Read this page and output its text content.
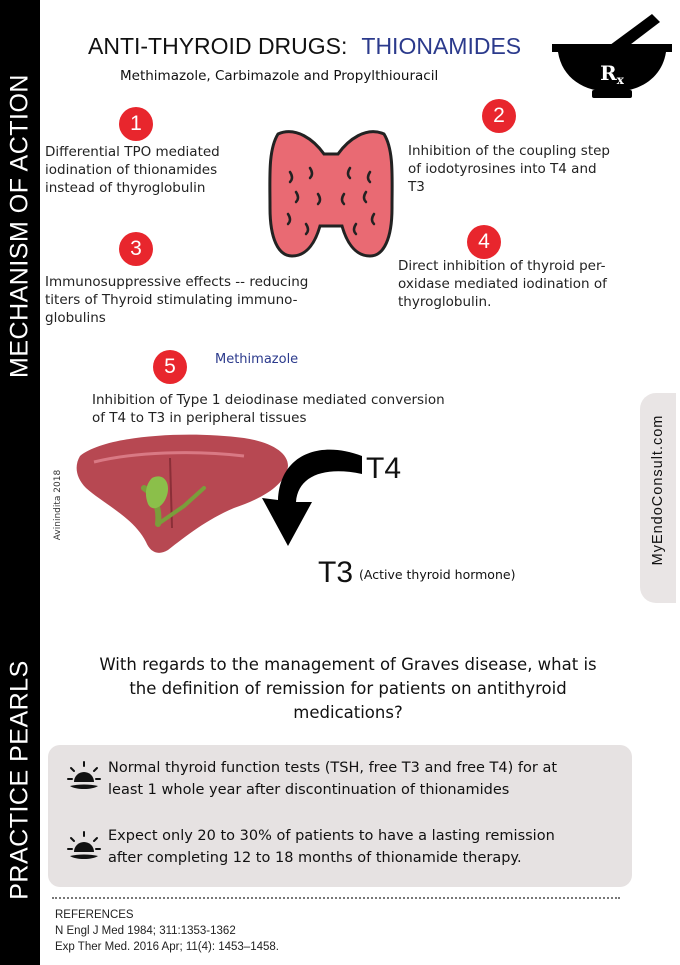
MECHANISM OF ACTION
PRACTICE PEARLS
ANTI-THYROID DRUGS: THIONAMIDES
Methimazole, Carbimazole and Propylthiouracil	$R_x$
1	2
3	4
5
Differential TPO mediated
iodination of thionamides
instead of thyroglobulin
Inhibition of the coupling step
of iodotyrosines into T4 and
T3
Immunosuppressive effects -- reducing
titers of Thyroid stimulating immuno-
globulins
Direct inhibition of thyroid per-
oxidase mediated iodination of
thyroglobulin.
Methimazole
Inhibition of Type 1 deiodinase mediated conversion
of T4 to T3 in peripheral tissues
T4
T3 (Active thyroid hormone)
Avinindita 2018	MyEndoConsult.com
With regards to the management of Graves disease, what is
the definition of remission for patients on antithyroid
medications?
Normal thyroid function tests (TSH, free T3 and free T4) for at
least 1 whole year after discontinuation of thionamides
Expect only 20 to 30% of patients to have a lasting remission
after completing 12 to 18 months of thionamide therapy.
REFERENCES
N Engl J Med 1984; 311:1353-1362
Exp Ther Med. 2016 Apr; 11(4): 1453–1458.
